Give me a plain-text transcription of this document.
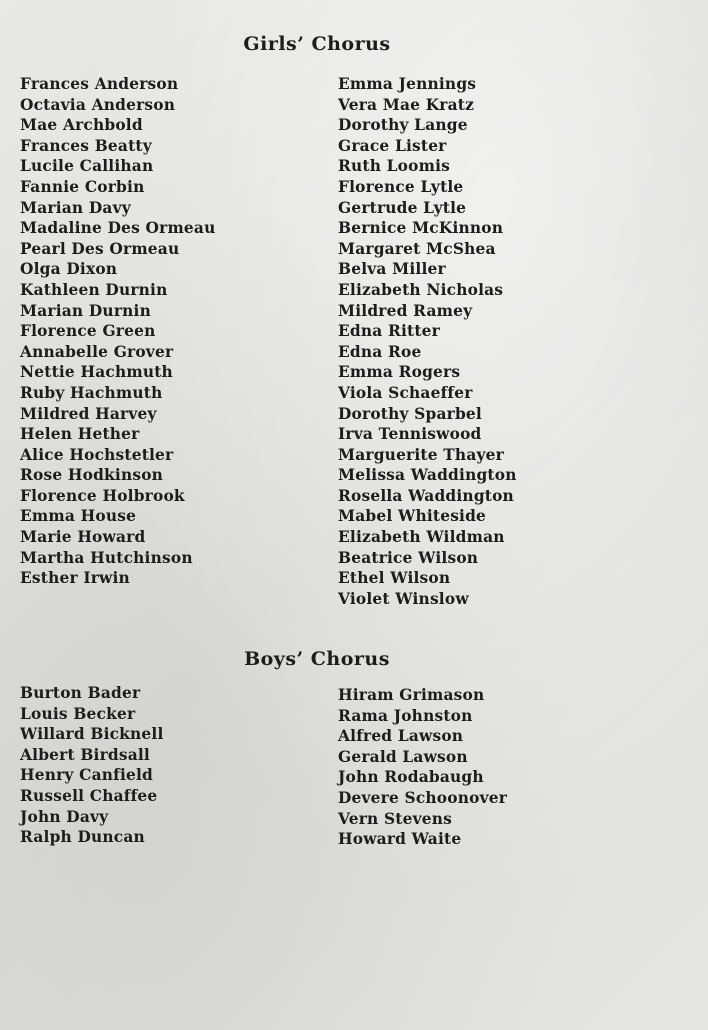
Girls’ Chorus
Frances Anderson
Octavia Anderson
Mae Archbold
Frances Beatty
Lucile Callihan
Fannie Corbin
Marian Davy
Madaline Des Ormeau
Pearl Des Ormeau
Olga Dixon
Kathleen Durnin
Marian Durnin
Florence Green
Annabelle Grover
Nettie Hachmuth
Ruby Hachmuth
Mildred Harvey
Helen Hether
Alice Hochstetler
Rose Hodkinson
Florence Holbrook
Emma House
Marie Howard
Martha Hutchinson
Esther Irwin
Emma Jennings
Vera Mae Kratz
Dorothy Lange
Grace Lister
Ruth Loomis
Florence Lytle
Gertrude Lytle
Bernice McKinnon
Margaret McShea
Belva Miller
Elizabeth Nicholas
Mildred Ramey
Edna Ritter
Edna Roe
Emma Rogers
Viola Schaeffer
Dorothy Sparbel
Irva Tenniswood
Marguerite Thayer
Melissa Waddington
Rosella Waddington
Mabel Whiteside
Elizabeth Wildman
Beatrice Wilson
Ethel Wilson
Violet Winslow
Boys’ Chorus
Burton Bader
Louis Becker
Willard Bicknell
Albert Birdsall
Henry Canfield
Russell Chaffee
John Davy
Ralph Duncan
Hiram Grimason
Rama Johnston
Alfred Lawson
Gerald Lawson
John Rodabaugh
Devere Schoonover
Vern Stevens
Howard Waite
